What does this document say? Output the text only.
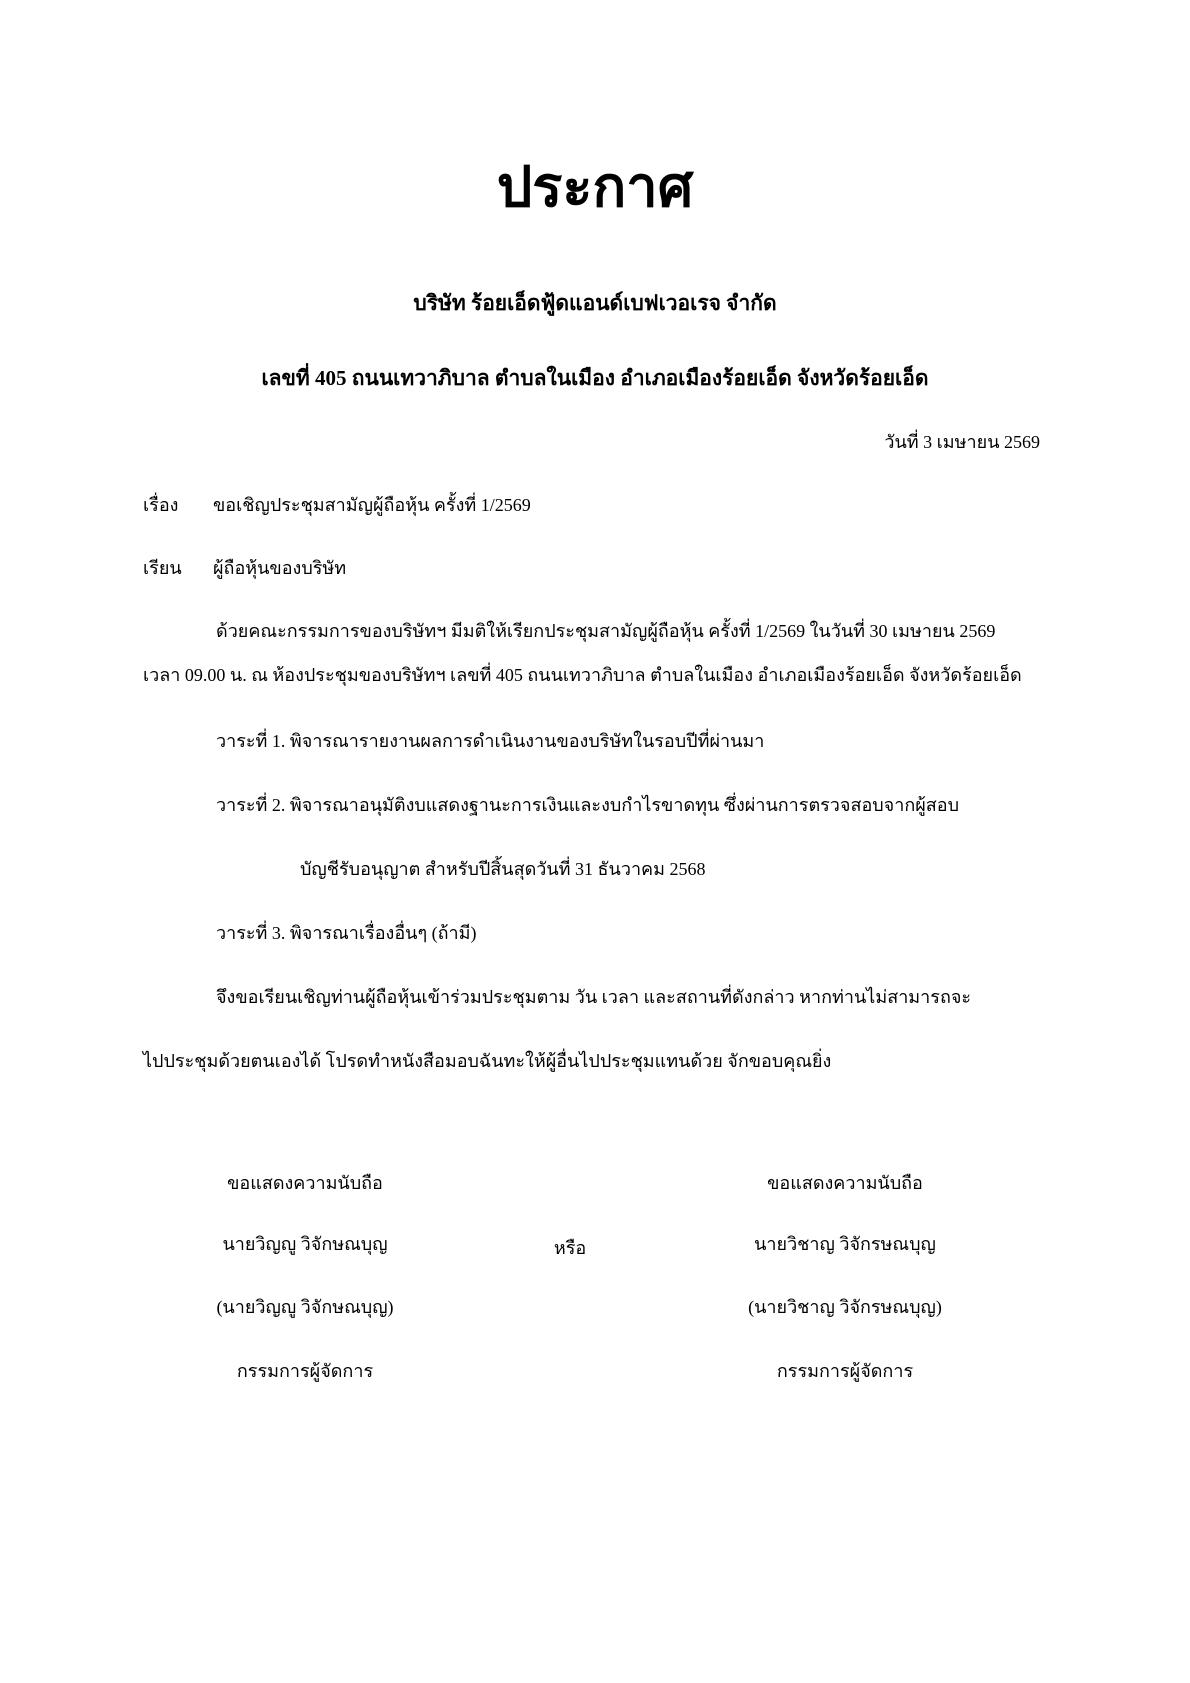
ประกาศ
บริษัท ร้อยเอ็ดฟู้ดแอนด์เบฟเวอเรจ จำกัด
เลขที่ 405 ถนนเทวาภิบาล ตำบลในเมือง อำเภอเมืองร้อยเอ็ด จังหวัดร้อยเอ็ด
วันที่ 3 เมษายน 2569
เรื่อง ขอเชิญประชุมสามัญผู้ถือหุ้น ครั้งที่ 1/2569
เรียน ผู้ถือหุ้นของบริษัท
ด้วยคณะกรรมการของบริษัทฯ มีมติให้เรียกประชุมสามัญผู้ถือหุ้น ครั้งที่ 1/2569 ในวันที่ 30 เมษายน 2569
เวลา 09.00 น. ณ ห้องประชุมของบริษัทฯ เลขที่ 405 ถนนเทวาภิบาล ตำบลในเมือง อำเภอเมืองร้อยเอ็ด จังหวัดร้อยเอ็ด
วาระที่ 1. พิจารณารายงานผลการดำเนินงานของบริษัทในรอบปีที่ผ่านมา
วาระที่ 2. พิจารณาอนุมัติงบแสดงฐานะการเงินและงบกำไรขาดทุน ซึ่งผ่านการตรวจสอบจากผู้สอบ
บัญชีรับอนุญาต สำหรับปีสิ้นสุดวันที่ 31 ธันวาคม 2568
วาระที่ 3. พิจารณาเรื่องอื่นๆ (ถ้ามี)
จึงขอเรียนเชิญท่านผู้ถือหุ้นเข้าร่วมประชุมตาม วัน เวลา และสถานที่ดังกล่าว หากท่านไม่สามารถจะ
ไปประชุมด้วยตนเองได้ โปรดทำหนังสือมอบฉันทะให้ผู้อื่นไปประชุมแทนด้วย จักขอบคุณยิ่ง
ขอแสดงความนับถือ
นายวิญญู วิจักษณบุญ
(นายวิญญู วิจักษณบุญ)
กรรมการผู้จัดการ
หรือ
ขอแสดงความนับถือ
นายวิชาญ วิจักรษณบุญ
(นายวิชาญ วิจักรษณบุญ)
กรรมการผู้จัดการ
